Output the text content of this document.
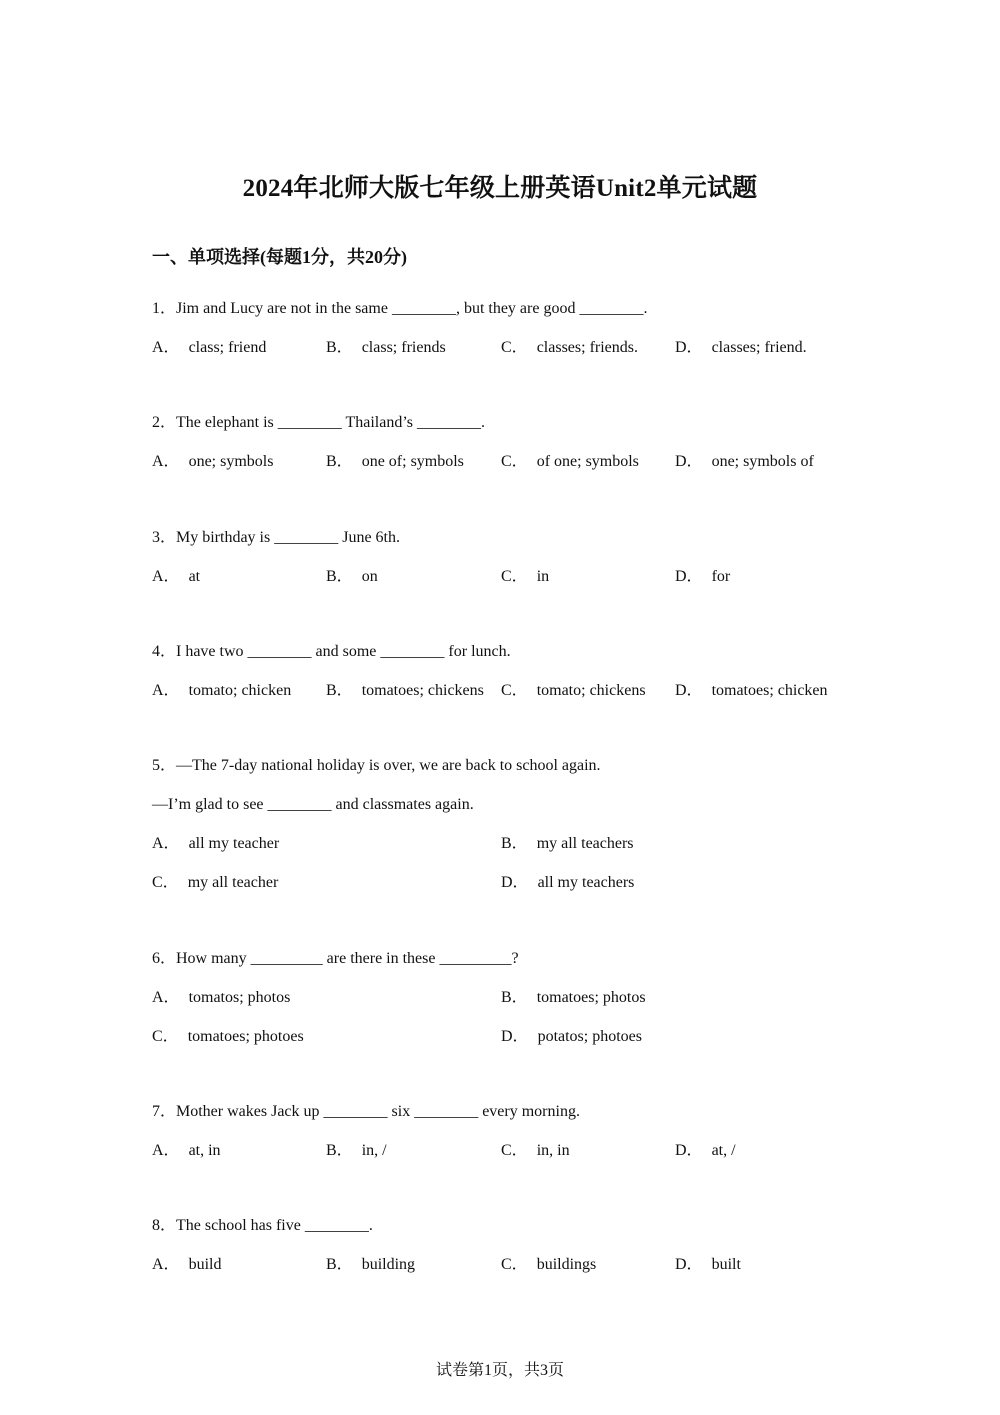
2024年北师大版七年级上册英语Unit2单元试题
一、单项选择(每题1分，共20分)
1．Jim and Lucy are not in the same ________, but they are good ________.
A． class; friend	B． class; friends	C． classes; friends. D． classes; friend.
2．The elephant is ________ Thailand’s ________.
A． one; symbols	B． one of; symbols C． of one; symbols D． one; symbols of
3．My birthday is ________ June 6th.
A． at	B． on	C． in	D． for
4．I have two ________ and some ________ for lunch.
A． tomato; chicken B． tomatoes; chickens C． tomato; chickens D． tomatoes; chicken
5．—The 7-day national holiday is over, we are back to school again.
—I’m glad to see ________ and classmates again.
A． all my teacher	B． my all teachers
C． my all teacher	D． all my teachers
6．How many _________ are there in these _________?
A． tomatos; photos	B． tomatoes; photos
C． tomatoes; photoes	D． potatos; photoes
7．Mother wakes Jack up ________ six ________ every morning.
A． at, in	B． in, /	C． in, in	D． at, /
8．The school has five ________.
A． build	B． building	C． buildings	D． built
试卷第1页，共3页
